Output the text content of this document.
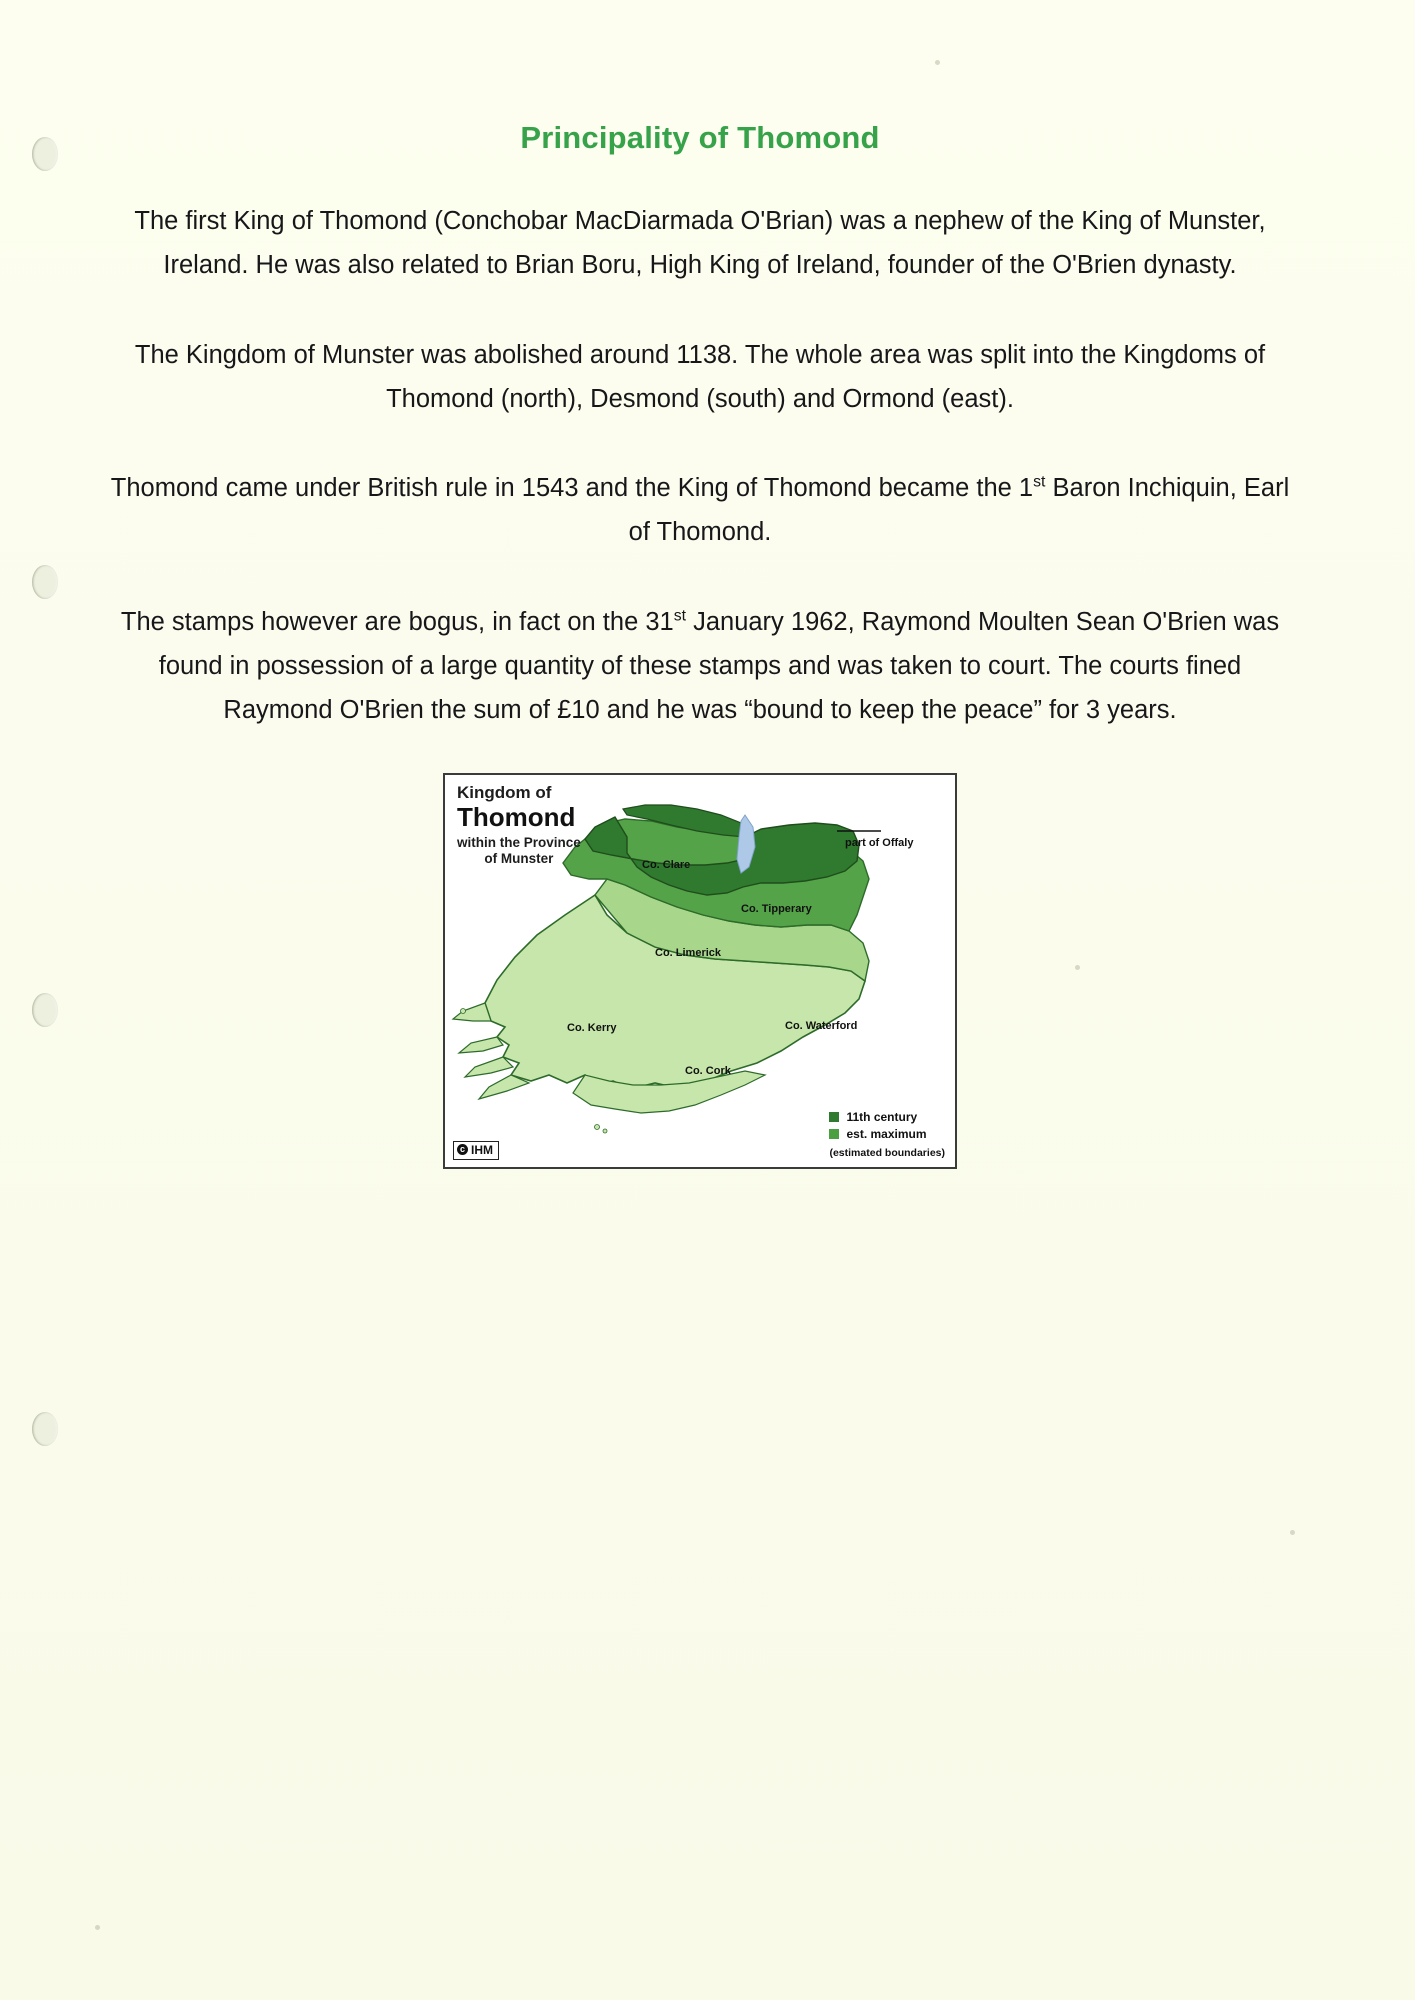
Principality of Thomond

The first King of Thomond (Conchobar MacDiarmada O'Brian) was a nephew of the King of Munster, Ireland. He was also related to Brian Boru, High King of Ireland, founder of the O'Brien dynasty.

The Kingdom of Munster was abolished around 1138. The whole area was split into the Kingdoms of Thomond (north), Desmond (south) and Ormond (east).

Thomond came under British rule in 1543 and the King of Thomond became the 1st Baron Inchiquin, Earl of Thomond.

The stamps however are bogus, in fact on the 31st January 1962, Raymond Moulten Sean O'Brien was found in possession of a large quantity of these stamps and was taken to court. The courts fined Raymond O'Brien the sum of £10 and he was “bound to keep the peace” for 3 years.

Kingdom of
Thomond
within the Province
of Munster	Co. Clare
part of Offaly
Co. Tipperary
Co. Limerick
Co. Kerry	Co. Waterford
Co. Cork
11th century
est. maximum
(estimated boundaries)
c IHM
